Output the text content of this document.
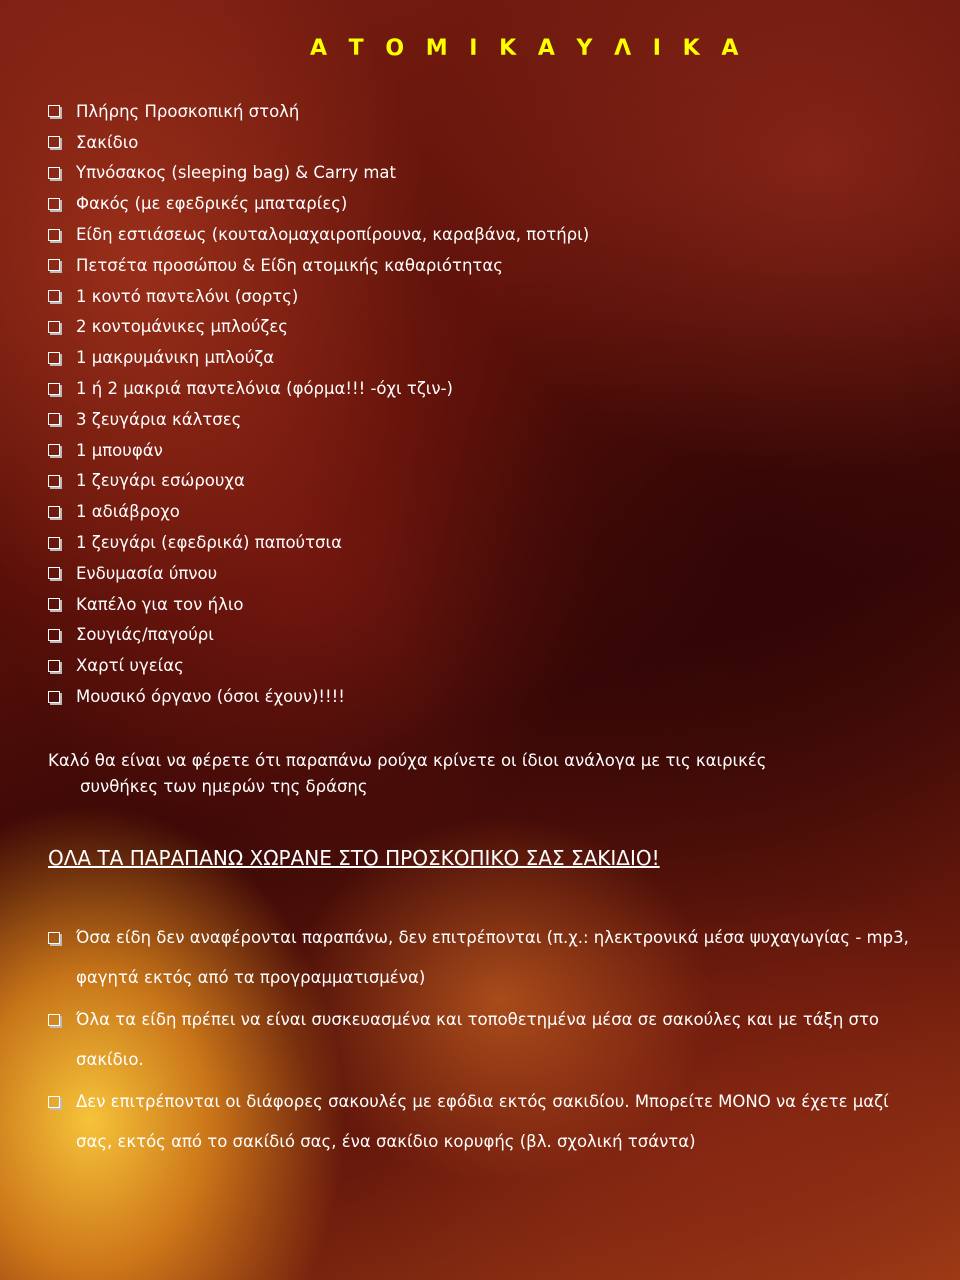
Α Τ Ο Μ Ι Κ Α Υ Λ Ι Κ Α
Πλήρης Προσκοπική στολή
Σακίδιο
Υπνόσακος (sleeping bag) & Carry mat
Φακός (με εφεδρικές μπαταρίες)
Είδη εστιάσεως (κουταλομαχαιροπίρουνα, καραβάνα, ποτήρι)
Πετσέτα προσώπου & Είδη ατομικής καθαριότητας
1 κοντό παντελόνι (σορτς)
2 κοντομάνικες μπλούζες
1 μακρυμάνικη μπλούζα
1 ή 2 μακριά παντελόνια (φόρμα!!! -όχι τζιν-)
3 ζευγάρια κάλτσες
1 μπουφάν
1 ζευγάρι εσώρουχα
1 αδιάβροχο
1 ζευγάρι (εφεδρικά) παπούτσια
Ενδυμασία ύπνου
Καπέλο για τον ήλιο
Σουγιάς/παγούρι
Χαρτί υγείας
Μουσικό όργανο (όσοι έχουν)!!!!

Καλό θα είναι να φέρετε ότι παραπάνω ρούχα κρίνετε οι ίδιοι ανάλογα με τις καιρικές
συνθήκες των ημερών της δράσης

ΟΛΑ ΤΑ ΠΑΡΑΠΑΝΩ ΧΩΡΑΝΕ ΣΤΟ ΠΡΟΣΚΟΠΙΚΟ ΣΑΣ ΣΑΚΙΔΙΟ!

Όσα είδη δεν αναφέρονται παραπάνω, δεν επιτρέπονται (π.χ.: ηλεκτρονικά μέσα ψυχαγωγίας - mp3, φαγητά εκτός από τα προγραμματισμένα)
Όλα τα είδη πρέπει να είναι συσκευασμένα και τοποθετημένα μέσα σε σακούλες και με τάξη στο σακίδιο.
Δεν επιτρέπονται οι διάφορες σακουλές με εφόδια εκτός σακιδίου. Μπορείτε ΜΟΝΟ να έχετε μαζί σας, εκτός από το σακίδιό σας, ένα σακίδιο κορυφής (βλ. σχολική τσάντα)
